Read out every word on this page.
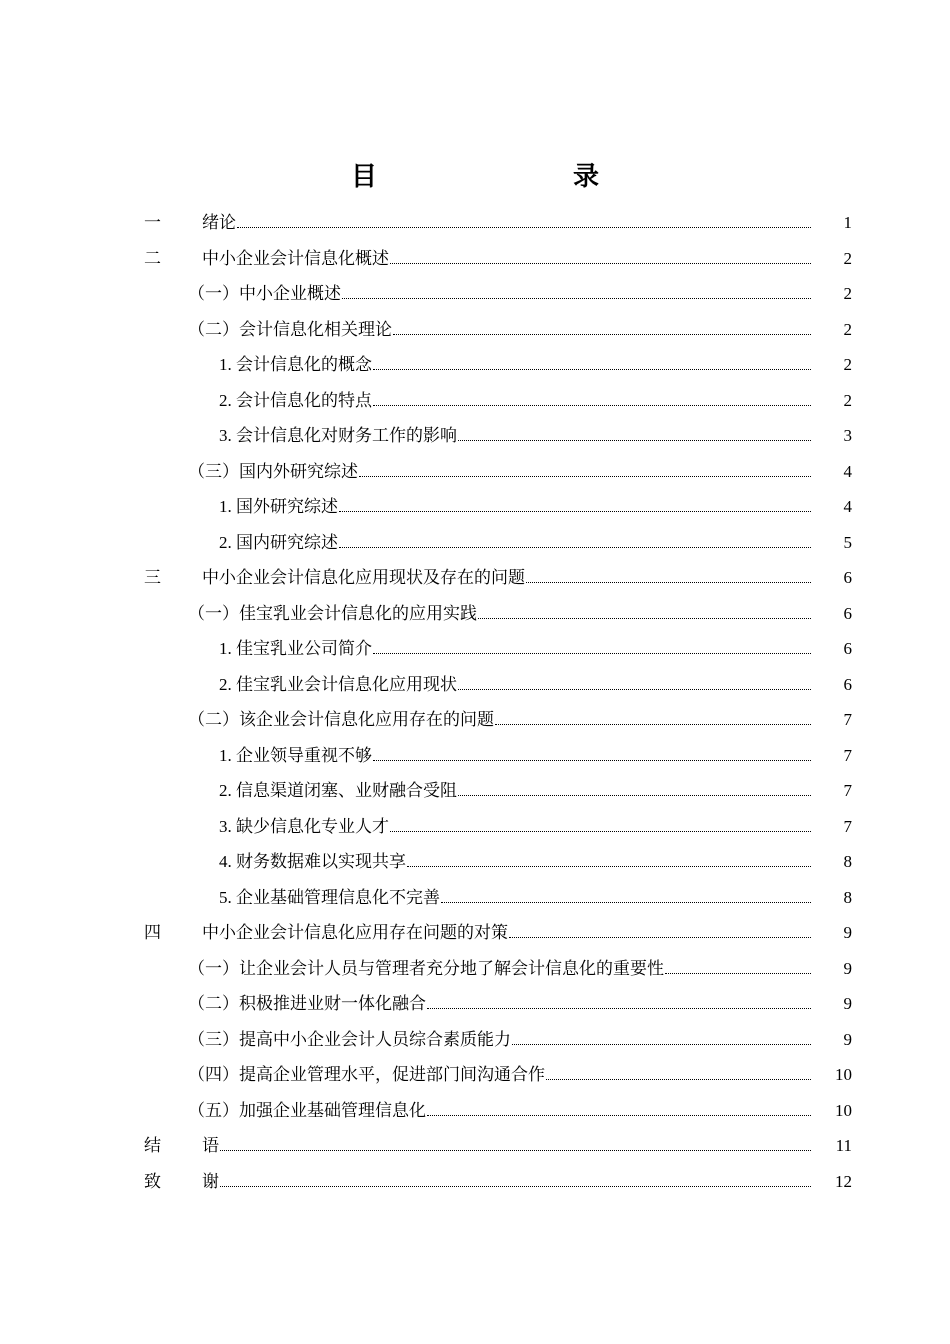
目　　录
一 绪论	1
二 中小企业会计信息化概述	2
（一）中小企业概述	2
（二）会计信息化相关理论	2
1. 会计信息化的概念	2
2. 会计信息化的特点	2
3. 会计信息化对财务工作的影响	3
（三）国内外研究综述	4
1. 国外研究综述	4
2. 国内研究综述	5
三 中小企业会计信息化应用现状及存在的问题	6
（一）佳宝乳业会计信息化的应用实践	6
1. 佳宝乳业公司简介	6
2. 佳宝乳业会计信息化应用现状	6
（二）该企业会计信息化应用存在的问题	7
1. 企业领导重视不够	7
2. 信息渠道闭塞、业财融合受阻	7
3. 缺少信息化专业人才	7
4. 财务数据难以实现共享	8
5. 企业基础管理信息化不完善	8
四 中小企业会计信息化应用存在问题的对策	9
（一）让企业会计人员与管理者充分地了解会计信息化的重要性	9
（二）积极推进业财一体化融合	9
（三）提高中小企业会计人员综合素质能力	9
（四）提高企业管理水平，促进部门间沟通合作	10
（五）加强企业基础管理信息化	10
结 语	11
致 谢	12
